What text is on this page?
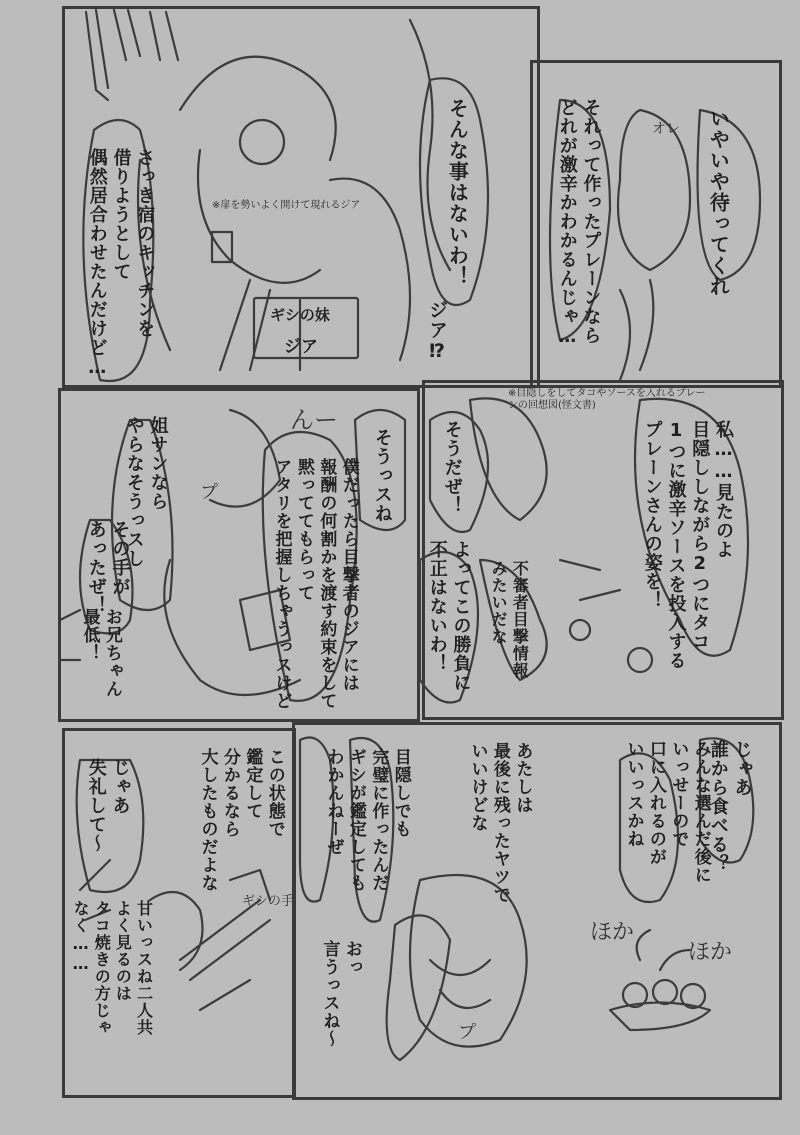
さっき宿のキッチンを
借りようとして
偶然居合わせたんだけど…	※扉を勢いよく開けて現れるジア
ギシの妹
ジア
そんな事はないわ！
ジア⁉︎
いやいや待ってくれ
それって作ったプレーンなら
どれが激辛かわかるんじゃ…	オレ
姐サンなら
やらなそうっスし
その手が
あったぜ！
お兄ちゃん
最低！	僕だったら目撃者のジアには
報酬の何割かを渡す約束をして
黙っててもらって
アタリを把握しちゃうっスけど	そうっスね
んー
プ
※目隠しをしてタコやソースを入れるプレーンの回想図(怪文書)
私……見たのよ
目隠ししながら2つにタコ
1つに激辛ソースを投入する
プレーンさんの姿を！
そうだぜ！
不審者目撃情報
みたいだな
よってこの勝負に
不正はないわ！
じゃあ
失礼して〜
甘いっスね二人共
よく見るのは
タコ焼きの方じゃ
なく……	ギシの手
この状態で
鑑定して
分かるなら
大したものだよな	目隠しでも
完璧に作ったんだ
ギシが鑑定しても
わかんねーぜ	あたしは
最後に残ったヤツで
いいけどな	みんな選んだ後に
いっせーので
口に入れるのが
いいっスかね	じゃあ
誰から食べる？
おっ
言うっスね〜
ほか
ほか
プ
